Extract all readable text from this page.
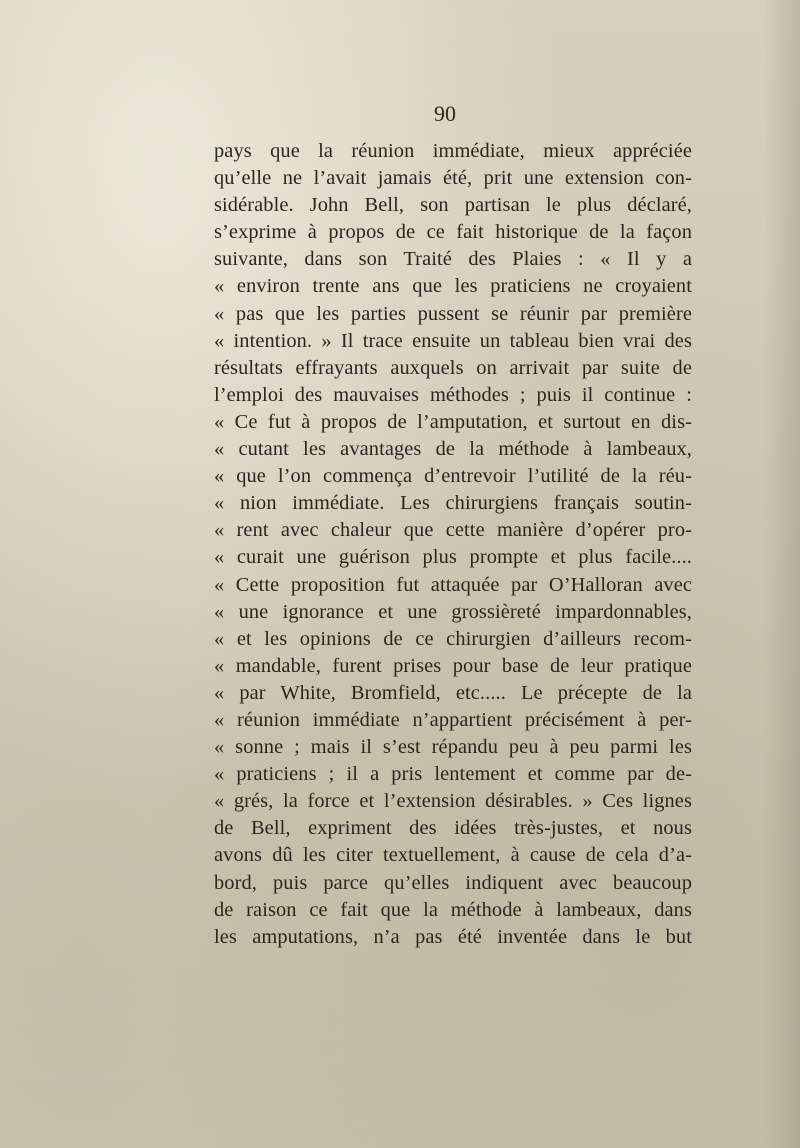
90

pays que la réunion immédiate, mieux appréciée
qu’elle ne l’avait jamais été, prit une extension con-
sidérable. John Bell, son partisan le plus déclaré,
s’exprime à propos de ce fait historique de la façon
suivante, dans son Traité des Plaies : « Il y a
« environ trente ans que les praticiens ne croyaient
« pas que les parties pussent se réunir par première
« intention. » Il trace ensuite un tableau bien vrai des
résultats effrayants auxquels on arrivait par suite de
l’emploi des mauvaises méthodes ; puis il continue :
« Ce fut à propos de l’amputation, et surtout en dis-
« cutant les avantages de la méthode à lambeaux,
« que l’on commença d’entrevoir l’utilité de la réu-
« nion immédiate. Les chirurgiens français soutin-
« rent avec chaleur que cette manière d’opérer pro-
« curait une guérison plus prompte et plus facile....
« Cette proposition fut attaquée par O’Halloran avec
« une ignorance et une grossièreté impardonnables,
« et les opinions de ce chirurgien d’ailleurs recom-
« mandable, furent prises pour base de leur pratique
« par White, Bromfield, etc..... Le précepte de la
« réunion immédiate n’appartient précisément à per-
« sonne ; mais il s’est répandu peu à peu parmi les
« praticiens ; il a pris lentement et comme par de-
« grés, la force et l’extension désirables. » Ces lignes
de Bell, expriment des idées très-justes, et nous
avons dû les citer textuellement, à cause de cela d’a-
bord, puis parce qu’elles indiquent avec beaucoup
de raison ce fait que la méthode à lambeaux, dans
les amputations, n’a pas été inventée dans le but
